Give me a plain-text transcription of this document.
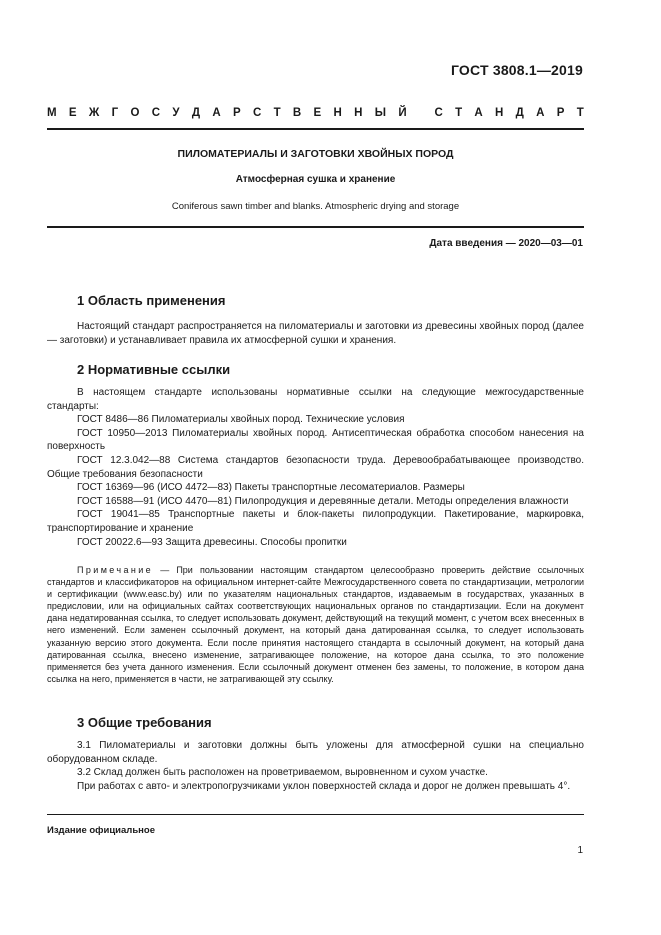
ГОСТ 3808.1—2019
М Е Ж Г О С У Д А Р С Т В Е Н Н Ы Й
С Т А Н Д А Р Т
ПИЛОМАТЕРИАЛЫ И ЗАГОТОВКИ ХВОЙНЫХ ПОРОД
Атмосферная сушка и хранение
Coniferous sawn timber and blanks. Atmospheric drying and storage
Дата введения — 2020—03—01
1 Область применения

Настоящий стандарт распространяется на пиломатериалы и заготовки из древесины хвойных пород (далее — заготовки) и устанавливает правила их атмосферной сушки и хранения.

2 Нормативные ссылки

В настоящем стандарте использованы нормативные ссылки на следующие межгосударственные стандарты:

ГОСТ 8486—86 Пиломатериалы хвойных пород. Технические условия

ГОСТ 10950—2013 Пиломатериалы хвойных пород. Антисептическая обработка способом нанесения на поверхность

ГОСТ 12.3.042—88 Система стандартов безопасности труда. Деревообрабатывающее производство. Общие требования безопасности

ГОСТ 16369—96 (ИСО 4472—83) Пакеты транспортные лесоматериалов. Размеры

ГОСТ 16588—91 (ИСО 4470—81) Пилопродукция и деревянные детали. Методы определения влажности

ГОСТ 19041—85 Транспортные пакеты и блок-пакеты пилопродукции. Пакетирование, маркировка, транспортирование и хранение

ГОСТ 20022.6—93 Защита древесины. Способы пропитки

Примечание — При пользовании настоящим стандартом целесообразно проверить действие ссылочных стандартов и классификаторов на официальном интернет-сайте Межгосударственного совета по стандартизации, метрологии и сертификации (www.easc.by) или по указателям национальных стандартов, издаваемым в государствах, указанных в предисловии, или на официальных сайтах соответствующих национальных органов по стандартизации. Если на документ дана недатированная ссылка, то следует использовать документ, действующий на текущий момент, с учетом всех внесенных в него изменений. Если заменен ссылочный документ, на который дана датированная ссылка, то следует использовать указанную версию этого документа. Если после принятия настоящего стандарта в ссылочный документ, на который дана датированная ссылка, внесено изменение, затрагивающее положение, на которое дана ссылка, то это положение применяется без учета данного изменения. Если ссылочный документ отменен без замены, то положение, в котором дана ссылка на него, применяется в части, не затрагивающей эту ссылку.

3 Общие требования

3.1 Пиломатериалы и заготовки должны быть уложены для атмосферной сушки на специально оборудованном складе.

3.2 Склад должен быть расположен на проветриваемом, выровненном и сухом участке.

При работах с авто- и электропогрузчиками уклон поверхностей склада и дорог не должен превышать 4°.

Издание официальное
1
